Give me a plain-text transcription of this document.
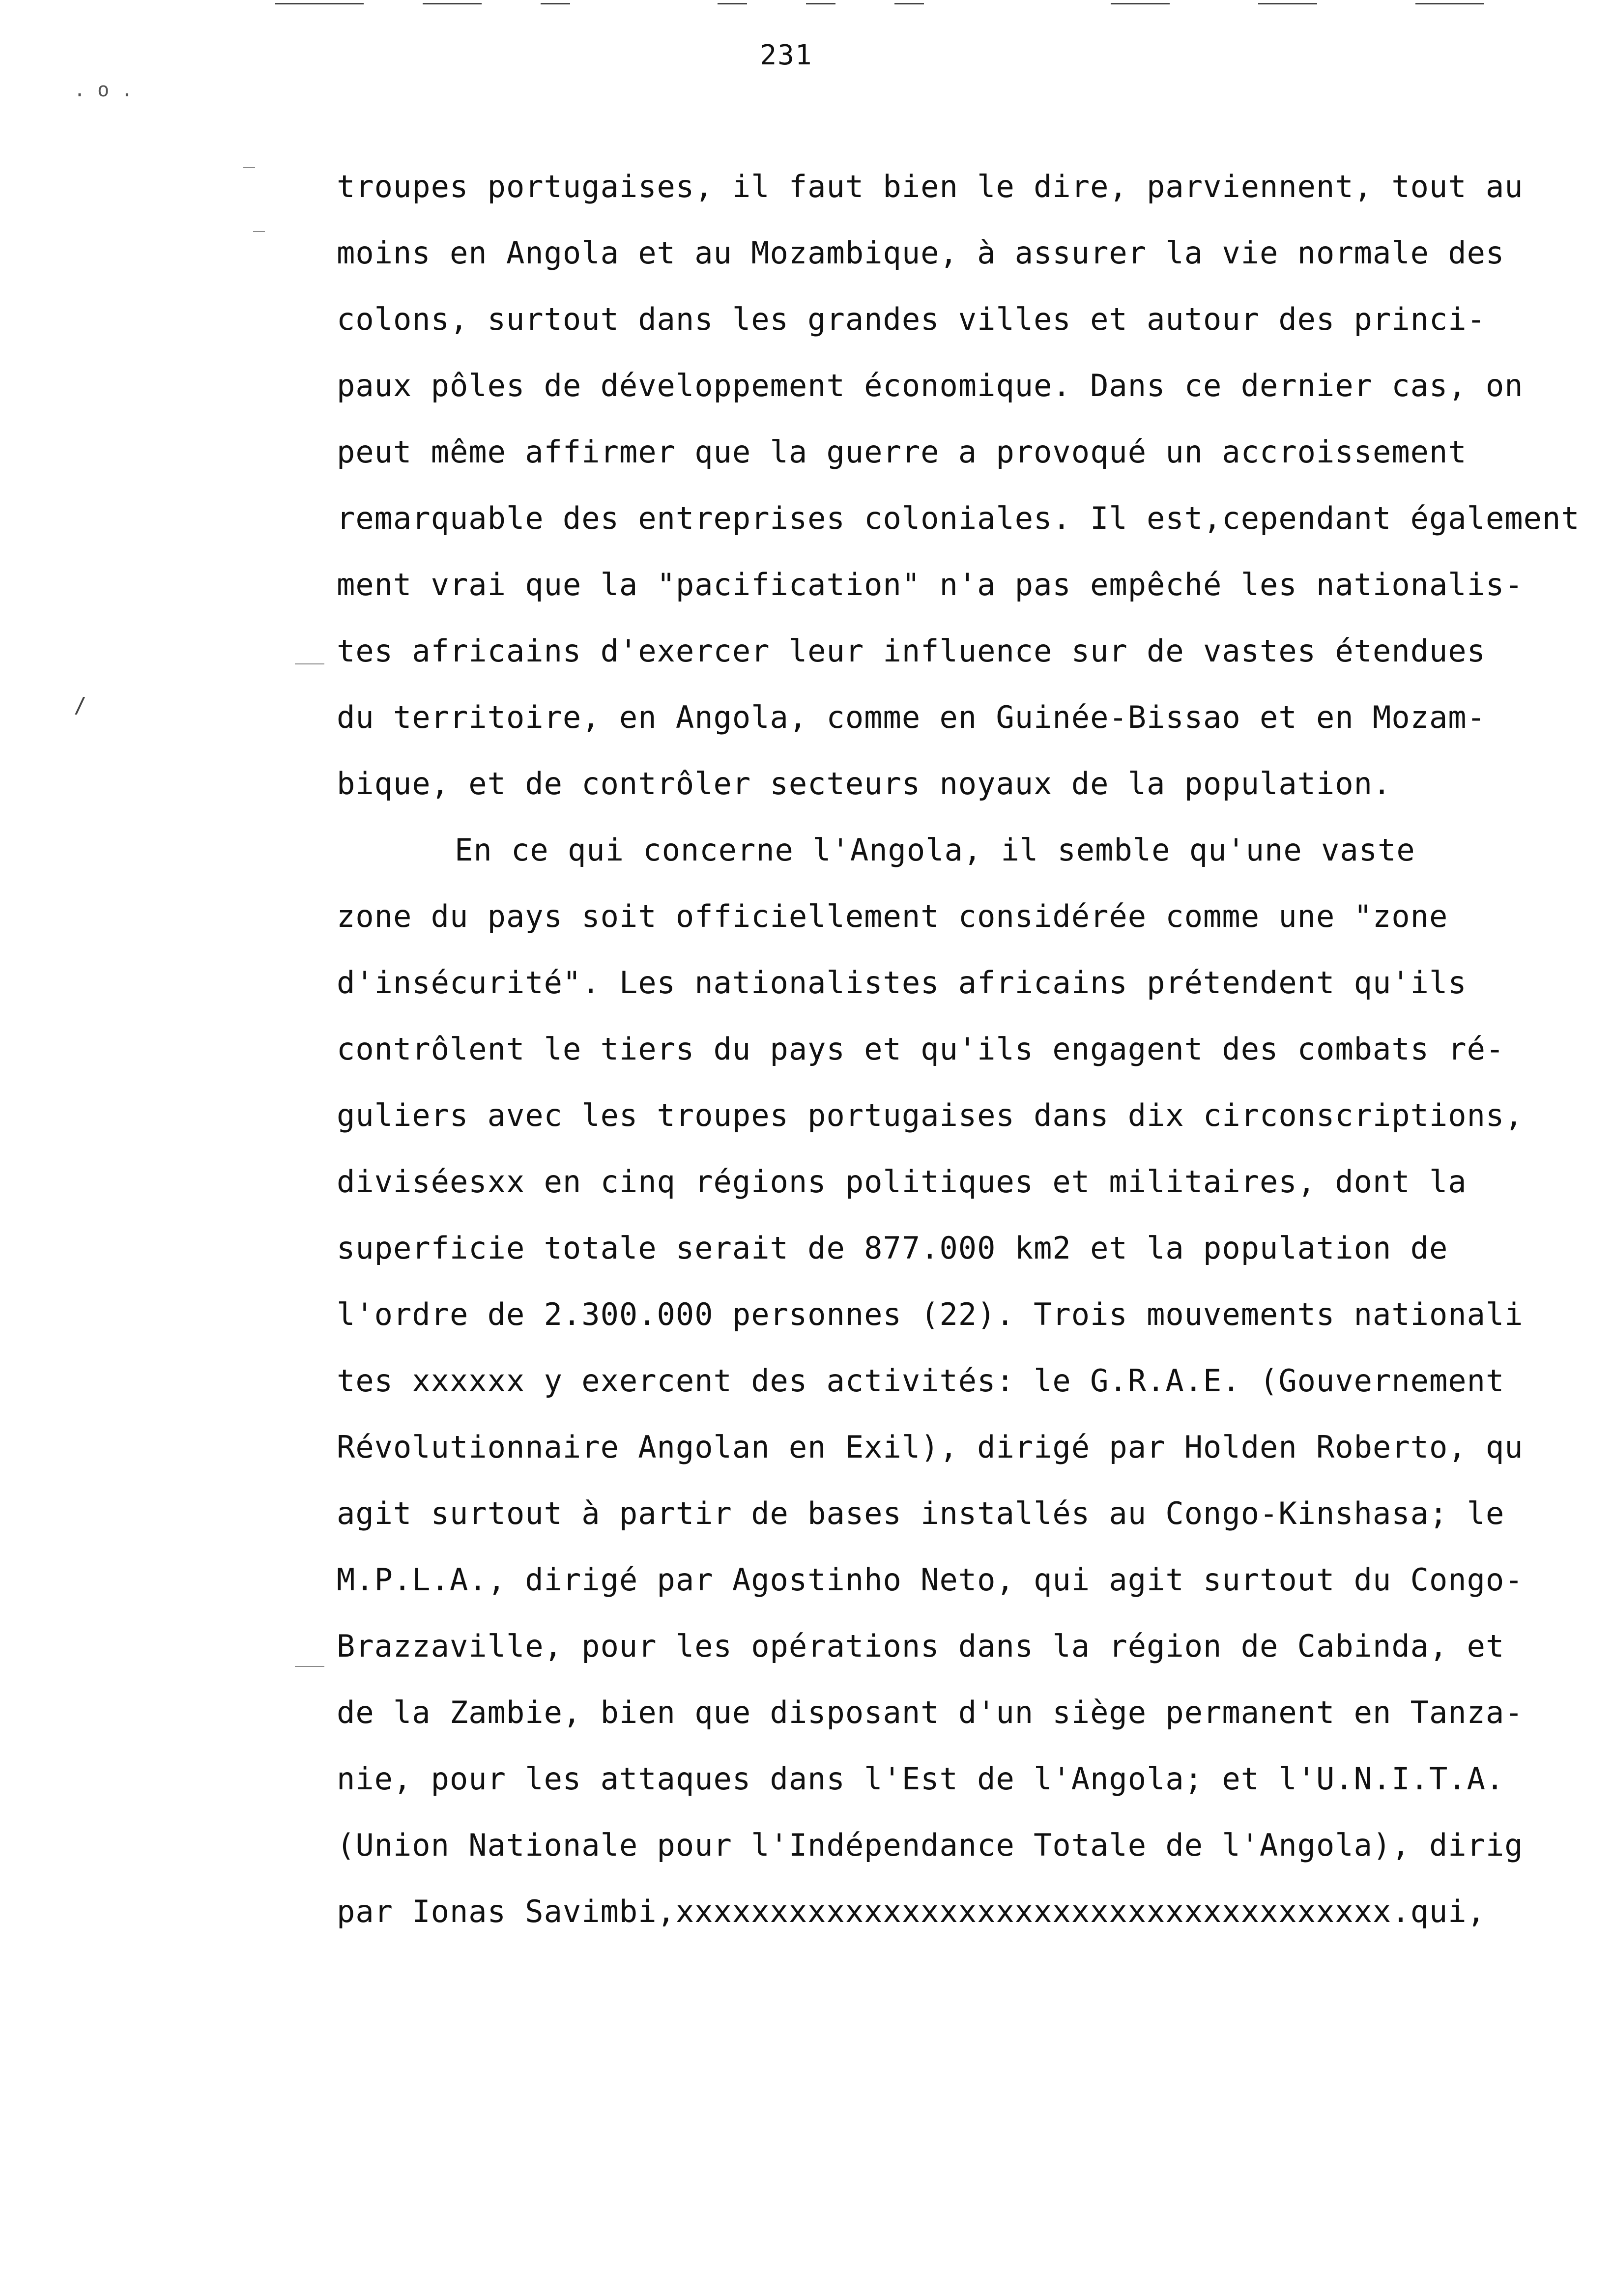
231
. o .
/
troupes portugaises, il faut bien le dire, parviennent, tout au
moins en Angola et au Mozambique, à assurer la vie normale des
colons, surtout dans les grandes villes et autour des princi-
paux pôles de développement économique. Dans ce dernier cas, on
peut même affirmer que la guerre a provoqué un accroissement
remarquable des entreprises coloniales. Il est,cependant également
ment vrai que la "pacification" n'a pas empêché les nationalis-
tes africains d'exercer leur influence sur de vastes étendues
du territoire, en Angola, comme en Guinée-Bissao et en Mozam-
bique, et de contrôler secteurs noyaux de la population.
En ce qui concerne l'Angola, il semble qu'une vaste
zone du pays soit officiellement considérée comme une "zone
d'insécurité". Les nationalistes africains prétendent qu'ils
contrôlent le tiers du pays et qu'ils engagent des combats ré-
guliers avec les troupes portugaises dans dix circonscriptions,
diviséesxx en cinq régions politiques et militaires, dont la
superficie totale serait de 877.000 km2 et la population de
l'ordre de 2.300.000 personnes (22). Trois mouvements nationali
tes xxxxxx y exercent des activités: le G.R.A.E. (Gouvernement
Révolutionnaire Angolan en Exil), dirigé par Holden Roberto, qu
agit surtout à partir de bases installés au Congo-Kinshasa; le
M.P.L.A., dirigé par Agostinho Neto, qui agit surtout du Congo-
Brazzaville, pour les opérations dans la région de Cabinda, et
de la Zambie, bien que disposant d'un siège permanent en Tanza-
nie, pour les attaques dans l'Est de l'Angola; et l'U.N.I.T.A.
(Union Nationale pour l'Indépendance Totale de l'Angola), dirig
par Ionas Savimbi,xxxxxxxxxxxxxxxxxxxxxxxxxxxxxxxxxxxxxx.qui,
